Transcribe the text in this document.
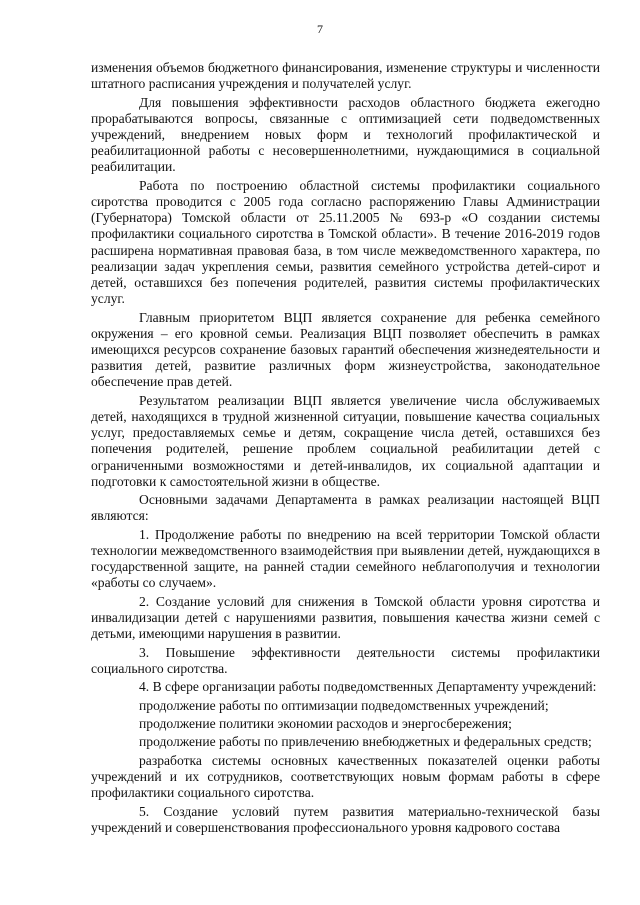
7

изменения объемов бюджетного финансирования, изменение структуры и численности штатного расписания учреждения и получателей услуг.

Для повышения эффективности расходов областного бюджета ежегодно прорабатываются вопросы, связанные с оптимизацией сети подведомственных учреждений, внедрением новых форм и технологий профилактической и реабилитационной работы с несовершеннолетними, нуждающимися в социальной реабилитации.

Работа по построению областной системы профилактики социального сиротства проводится с 2005 года согласно распоряжению Главы Администрации (Губернатора) Томской области от 25.11.2005 № 693-р «О создании системы профилактики социального сиротства в Томской области». В течение 2016-2019 годов расширена нормативная правовая база, в том числе межведомственного характера, по реализации задач укрепления семьи, развития семейного устройства детей-сирот и детей, оставшихся без попечения родителей, развития системы профилактических услуг.

Главным приоритетом ВЦП является сохранение для ребенка семейного окружения – его кровной семьи. Реализация ВЦП позволяет обеспечить в рамках имеющихся ресурсов сохранение базовых гарантий обеспечения жизнедеятельности и развития детей, развитие различных форм жизнеустройства, законодательное обеспечение прав детей.

Результатом реализации ВЦП является увеличение числа обслуживаемых детей, находящихся в трудной жизненной ситуации, повышение качества социальных услуг, предоставляемых семье и детям, сокращение числа детей, оставшихся без попечения родителей, решение проблем социальной реабилитации детей с ограниченными возможностями и детей-инвалидов, их социальной адаптации и подготовки к самостоятельной жизни в обществе.

Основными задачами Департамента в рамках реализации настоящей ВЦП являются:

1. Продолжение работы по внедрению на всей территории Томской области технологии межведомственного взаимодействия при выявлении детей, нуждающихся в государственной защите, на ранней стадии семейного неблагополучия и технологии «работы со случаем».

2. Создание условий для снижения в Томской области уровня сиротства и инвалидизации детей с нарушениями развития, повышения качества жизни семей с детьми, имеющими нарушения в развитии.

3. Повышение эффективности деятельности системы профилактики социального сиротства.

4. В сфере организации работы подведомственных Департаменту учреждений:

продолжение работы по оптимизации подведомственных учреждений;

продолжение политики экономии расходов и энергосбережения;

продолжение работы по привлечению внебюджетных и федеральных средств;

разработка системы основных качественных показателей оценки работы учреждений и их сотрудников, соответствующих новым формам работы в сфере профилактики социального сиротства.

5. Создание условий путем развития материально-технической базы учреждений и совершенствования профессионального уровня кадрового состава
